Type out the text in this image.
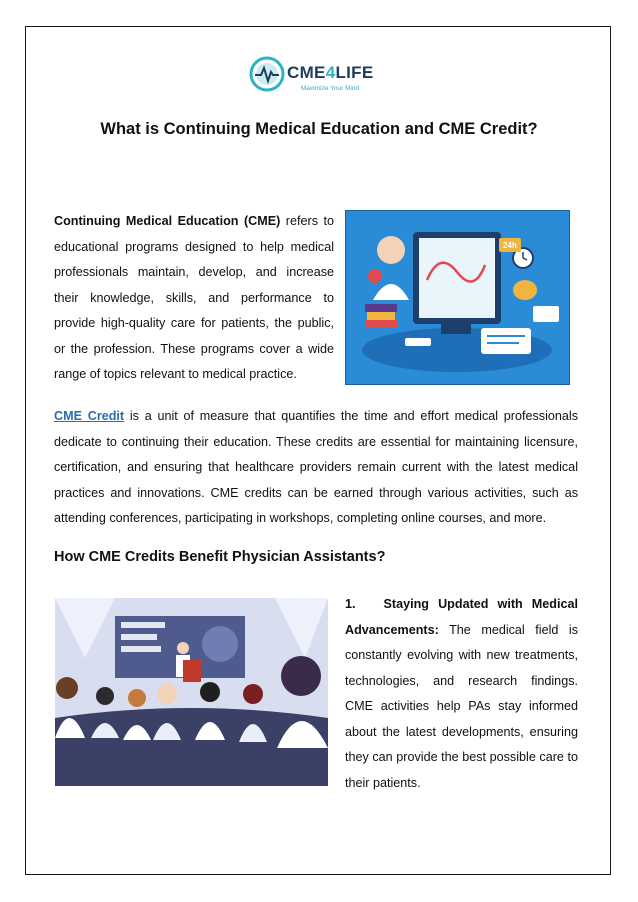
CME4LIFE
Maximize Your Mind
What is Continuing Medical Education and CME Credit?

Continuing Medical Education (CME) refers to educational programs designed to help medical professionals maintain, develop, and increase their knowledge, skills, and performance to provide high-quality care for patients, the public, or the profession. These programs cover a wide range of topics relevant to medical practice.

24h

CME Credit is a unit of measure that quantifies the time and effort medical professionals dedicate to continuing their education. These credits are essential for maintaining licensure, certification, and ensuring that healthcare providers remain current with the latest medical practices and innovations. CME credits can be earned through various activities, such as attending conferences, participating in workshops, completing online courses, and more.

How CME Credits Benefit Physician Assistants?

1. Staying Updated with Medical Advancements: The medical field is constantly evolving with new treatments, technologies, and research findings. CME activities help PAs stay informed about the latest developments, ensuring they can provide the best possible care to their patients.
